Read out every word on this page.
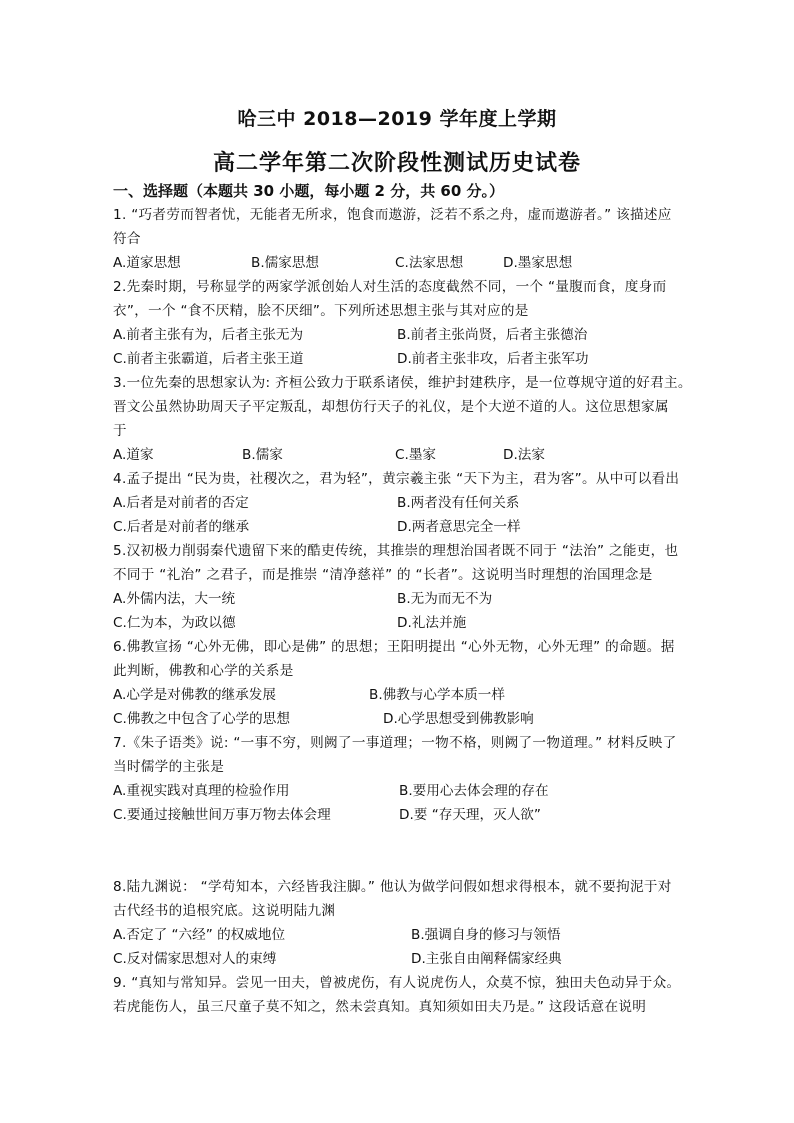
哈三中 2018—2019 学年度上学期
高二学年第二次阶段性测试历史试卷
一、选择题（本题共 30 小题，每小题 2 分，共 60 分。）
1. “巧者劳而智者忧，无能者无所求，饱食而遨游，泛若不系之舟，虚而遨游者。” 该描述应
符合
A.道家思想	B.儒家思想	C.法家思想	D.墨家思想
2.先秦时期，号称显学的两家学派创始人对生活的态度截然不同，一个 “量腹而食，度身而
衣”，一个 “食不厌精，脍不厌细”。下列所述思想主张与其对应的是
A.前者主张有为，后者主张无为	B.前者主张尚贤，后者主张德治
C.前者主张霸道，后者主张王道	D.前者主张非攻，后者主张军功
3.一位先秦的思想家认为: 齐桓公致力于联系诸侯，维护封建秩序，是一位尊规守道的好君主。
晋文公虽然协助周天子平定叛乱，却想仿行天子的礼仪，是个大逆不道的人。这位思想家属
于
A.道家	B.儒家	C.墨家	D.法家
4.孟子提出 “民为贵，社稷次之，君为轻”，黄宗羲主张 “天下为主，君为客”。从中可以看出
A.后者是对前者的否定	B.两者没有任何关系
C.后者是对前者的继承	D.两者意思完全一样
5.汉初极力削弱秦代遗留下来的酷吏传统，其推崇的理想治国者既不同于 “法治” 之能吏，也
不同于 “礼治” 之君子，而是推崇 “清净慈祥” 的 “长者”。这说明当时理想的治国理念是
A.外儒内法，大一统	B.无为而无不为
C.仁为本，为政以德	D.礼法并施
6.佛教宣扬 “心外无佛，即心是佛” 的思想；王阳明提出 “心外无物，心外无理” 的命题。据
此判断，佛教和心学的关系是
A.心学是对佛教的继承发展	B.佛教与心学本质一样
C.佛教之中包含了心学的思想	D.心学思想受到佛教影响
7.《朱子语类》说: “一事不穷，则阙了一事道理；一物不格，则阙了一物道理。” 材料反映了
当时儒学的主张是
A.重视实践对真理的检验作用	B.要用心去体会理的存在
C.要通过接触世间万事万物去体会理	D.要 “存天理，灭人欲”
8.陆九渊说： “学苟知本，六经皆我注脚。” 他认为做学问假如想求得根本，就不要拘泥于对
古代经书的追根究底。这说明陆九渊
A.否定了 “六经” 的权威地位	B.强调自身的修习与领悟
C.反对儒家思想对人的束缚	D.主张自由阐释儒家经典
9. “真知与常知异。尝见一田夫，曾被虎伤，有人说虎伤人，众莫不惊，独田夫色动异于众。
若虎能伤人，虽三尺童子莫不知之，然未尝真知。真知须如田夫乃是。” 这段话意在说明
